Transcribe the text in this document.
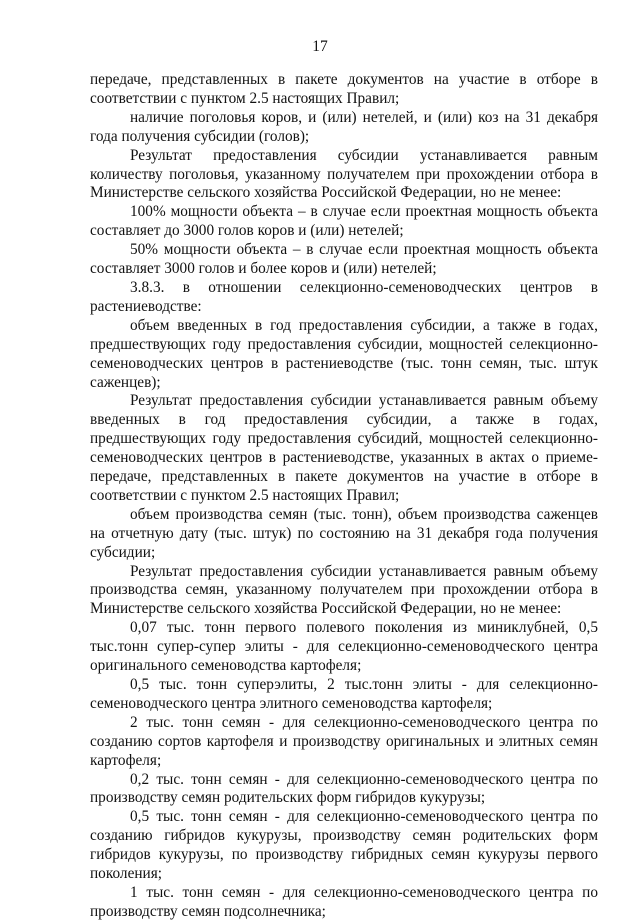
17

передаче, представленных в пакете документов на участие в отборе в соответствии с пунктом 2.5 настоящих Правил;

наличие поголовья коров, и (или) нетелей, и (или) коз на 31 декабря года получения субсидии (голов);

Результат предоставления субсидии устанавливается равным количеству поголовья, указанному получателем при прохождении отбора в Министерстве сельского хозяйства Российской Федерации, но не менее:

100% мощности объекта – в случае если проектная мощность объекта составляет до 3000 голов коров и (или) нетелей;

50% мощности объекта – в случае если проектная мощность объекта составляет 3000 голов и более коров и (или) нетелей;

3.8.3. в отношении селекционно-семеноводческих центров в растениеводстве:

объем введенных в год предоставления субсидии, а также в годах, предшествующих году предоставления субсидии, мощностей селекционно-семеноводческих центров в растениеводстве (тыс. тонн семян, тыс. штук саженцев);

Результат предоставления субсидии устанавливается равным объему введенных в год предоставления субсидии, а также в годах, предшествующих году предоставления субсидий, мощностей селекционно-семеноводческих центров в растениеводстве, указанных в актах о приеме-передаче, представленных в пакете документов на участие в отборе в соответствии с пунктом 2.5 настоящих Правил;

объем производства семян (тыс. тонн), объем производства саженцев на отчетную дату (тыс. штук) по состоянию на 31 декабря года получения субсидии;

Результат предоставления субсидии устанавливается равным объему производства семян, указанному получателем при прохождении отбора в Министерстве сельского хозяйства Российской Федерации, но не менее:

0,07 тыс. тонн первого полевого поколения из миниклубней, 0,5 тыс.тонн супер-супер элиты - для селекционно-семеноводческого центра оригинального семеноводства картофеля;

0,5 тыс. тонн суперэлиты, 2 тыс.тонн элиты - для селекционно-семеноводческого центра элитного семеноводства картофеля;

2 тыс. тонн семян - для селекционно-семеноводческого центра по созданию сортов картофеля и производству оригинальных и элитных семян картофеля;

0,2 тыс. тонн семян - для селекционно-семеноводческого центра по производству семян родительских форм гибридов кукурузы;

0,5 тыс. тонн семян - для селекционно-семеноводческого центра по созданию гибридов кукурузы, производству семян родительских форм гибридов кукурузы, по производству гибридных семян кукурузы первого поколения;

1 тыс. тонн семян - для селекционно-семеноводческого центра по производству семян подсолнечника;
